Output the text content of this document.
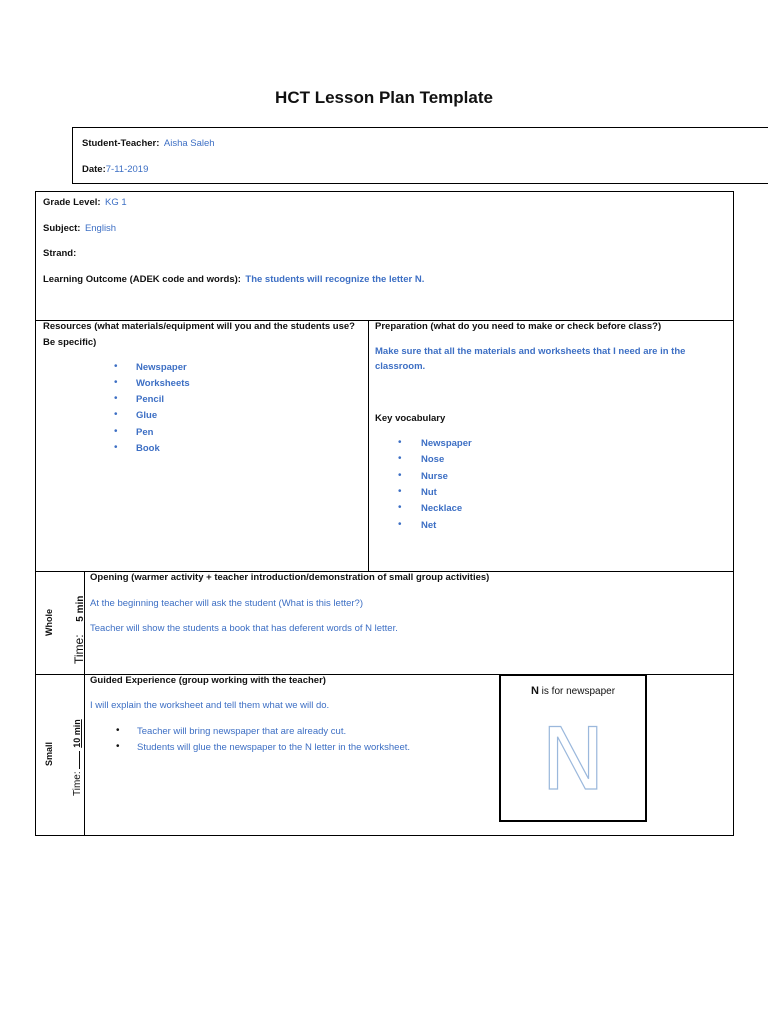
HCT Lesson Plan Template
Student-Teacher: Aisha Saleh
Date:7-11-2019
Grade Level: KG 1
Subject: English
Strand:
Learning Outcome (ADEK code and words): The students will recognize the letter N.
Resources (what materials/equipment will you and the students use?
Be specific)
• Newspaper
• Worksheets
• Pencil
• Glue
• Pen
• Book
Preparation (what do you need to make or check before class?)
Make sure that all the materials and worksheets that I need are in the
classroom.
Key vocabulary
• Newspaper
• Nose
• Nurse
• Nut
• Necklace
• Net
Whole
Time:  5 min
Opening (warmer activity + teacher introduction/demonstration of small group activities)
At the beginning teacher will ask the student (What is this letter?)
Teacher will show the students a book that has deferent words of N letter.
Small
Time:  10 min
Guided Experience (group working with the teacher)
I will explain the worksheet and tell them what we will do.
• Teacher will bring newspaper that are already cut.
• Students will glue the newspaper to the N letter in the worksheet.
N is for newspaper
N
